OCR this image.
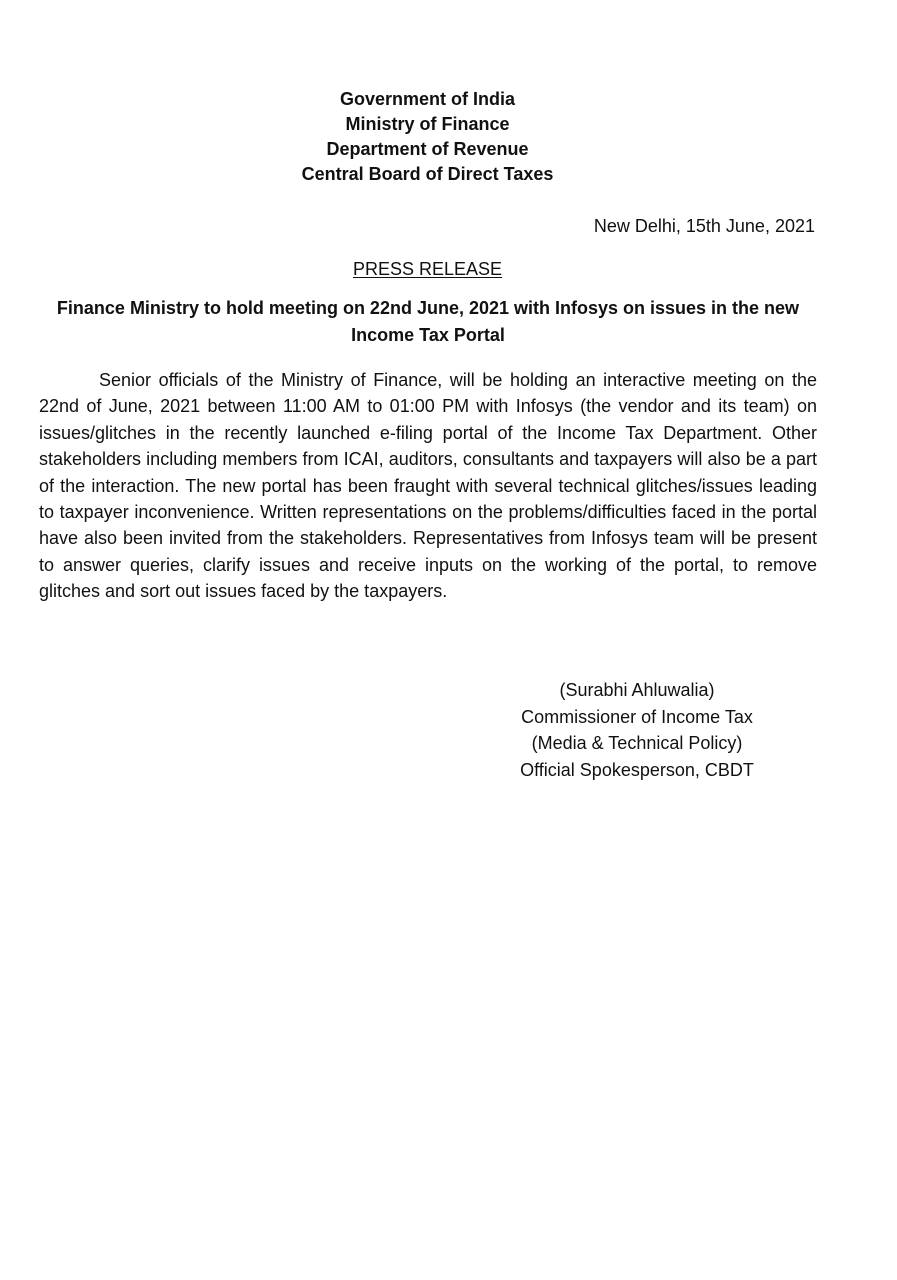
Government of India
Ministry of Finance
Department of Revenue
Central Board of Direct Taxes
New Delhi, 15th June, 2021
PRESS RELEASE
Finance Ministry to hold meeting on 22nd June, 2021 with Infosys on issues in the new Income Tax Portal

Senior officials of the Ministry of Finance, will be holding an interactive meeting on the 22nd of June, 2021 between 11:00 AM to 01:00 PM with Infosys (the vendor and its team) on issues/glitches in the recently launched e-filing portal of the Income Tax Department. Other stakeholders including members from ICAI, auditors, consultants and taxpayers will also be a part of the interaction. The new portal has been fraught with several technical glitches/issues leading to taxpayer inconvenience. Written representations on the problems/difficulties faced in the portal have also been invited from the stakeholders. Representatives from Infosys team will be present to answer queries, clarify issues and receive inputs on the working of the portal, to remove glitches and sort out issues faced by the taxpayers.

(Surabhi Ahluwalia)
Commissioner of Income Tax
(Media & Technical Policy)
Official Spokesperson, CBDT
